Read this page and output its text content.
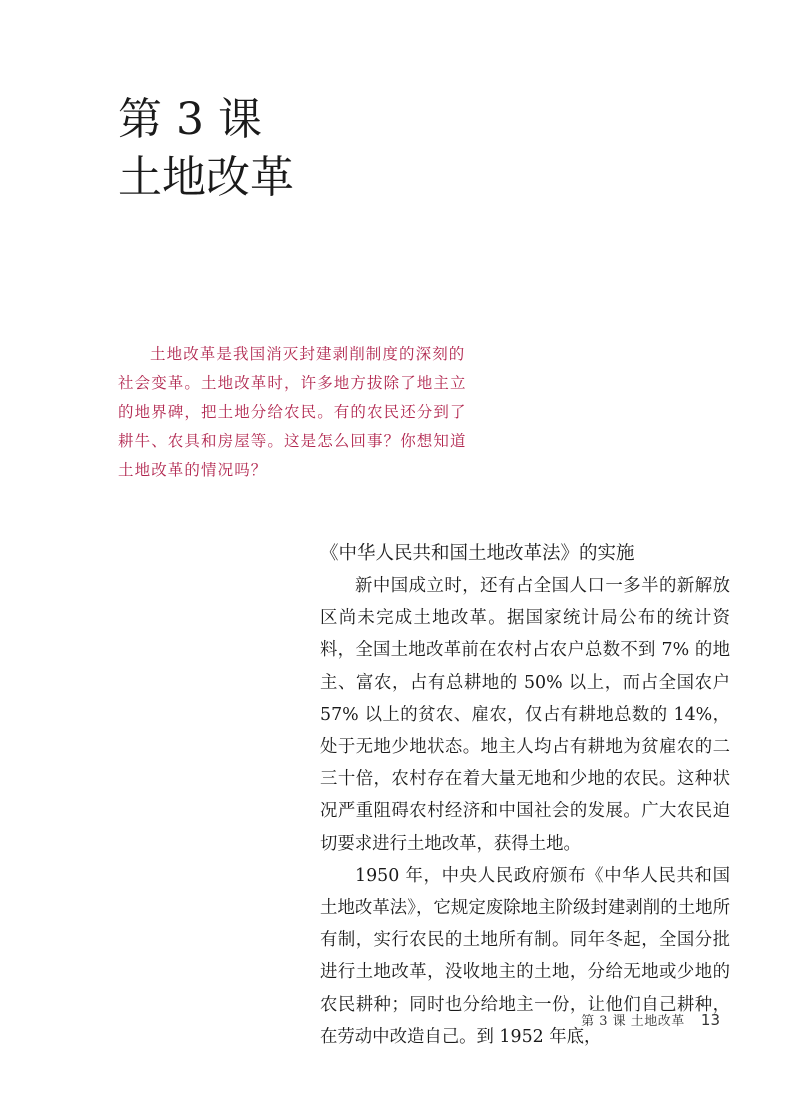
第 3 课
土地改革

土地改革是我国消灭封建剥削制度的深刻的社会变革。土地改革时，许多地方拔除了地主立的地界碑，把土地分给农民。有的农民还分到了耕牛、农具和房屋等。这是怎么回事？你想知道土地改革的情况吗？

《中华人民共和国土地改革法》的实施

新中国成立时，还有占全国人口一多半的新解放区尚未完成土地改革。据国家统计局公布的统计资料，全国土地改革前在农村占农户总数不到 7% 的地主、富农，占有总耕地的 50% 以上，而占全国农户 57% 以上的贫农、雇农，仅占有耕地总数的 14%，处于无地少地状态。地主人均占有耕地为贫雇农的二三十倍，农村存在着大量无地和少地的农民。这种状况严重阻碍农村经济和中国社会的发展。广大农民迫切要求进行土地改革，获得土地。

1950 年，中央人民政府颁布《中华人民共和国土地改革法》，它规定废除地主阶级封建剥削的土地所有制，实行农民的土地所有制。同年冬起，全国分批进行土地改革，没收地主的土地，分给无地或少地的农民耕种；同时也分给地主一份，让他们自己耕种，在劳动中改造自己。到 1952 年底，

第 3 课 土地改革 13
